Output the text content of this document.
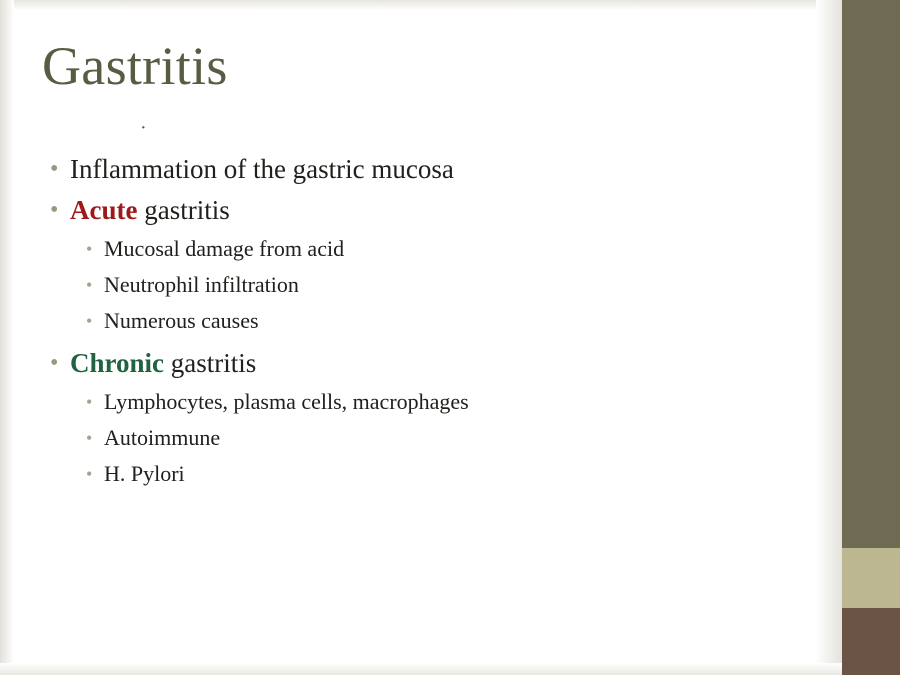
Gastritis
·
• Inflammation of the gastric mucosa
• Acute gastritis
• Mucosal damage from acid
• Neutrophil infiltration
• Numerous causes
• Chronic gastritis
• Lymphocytes, plasma cells, macrophages
• Autoimmune
• H. Pylori
